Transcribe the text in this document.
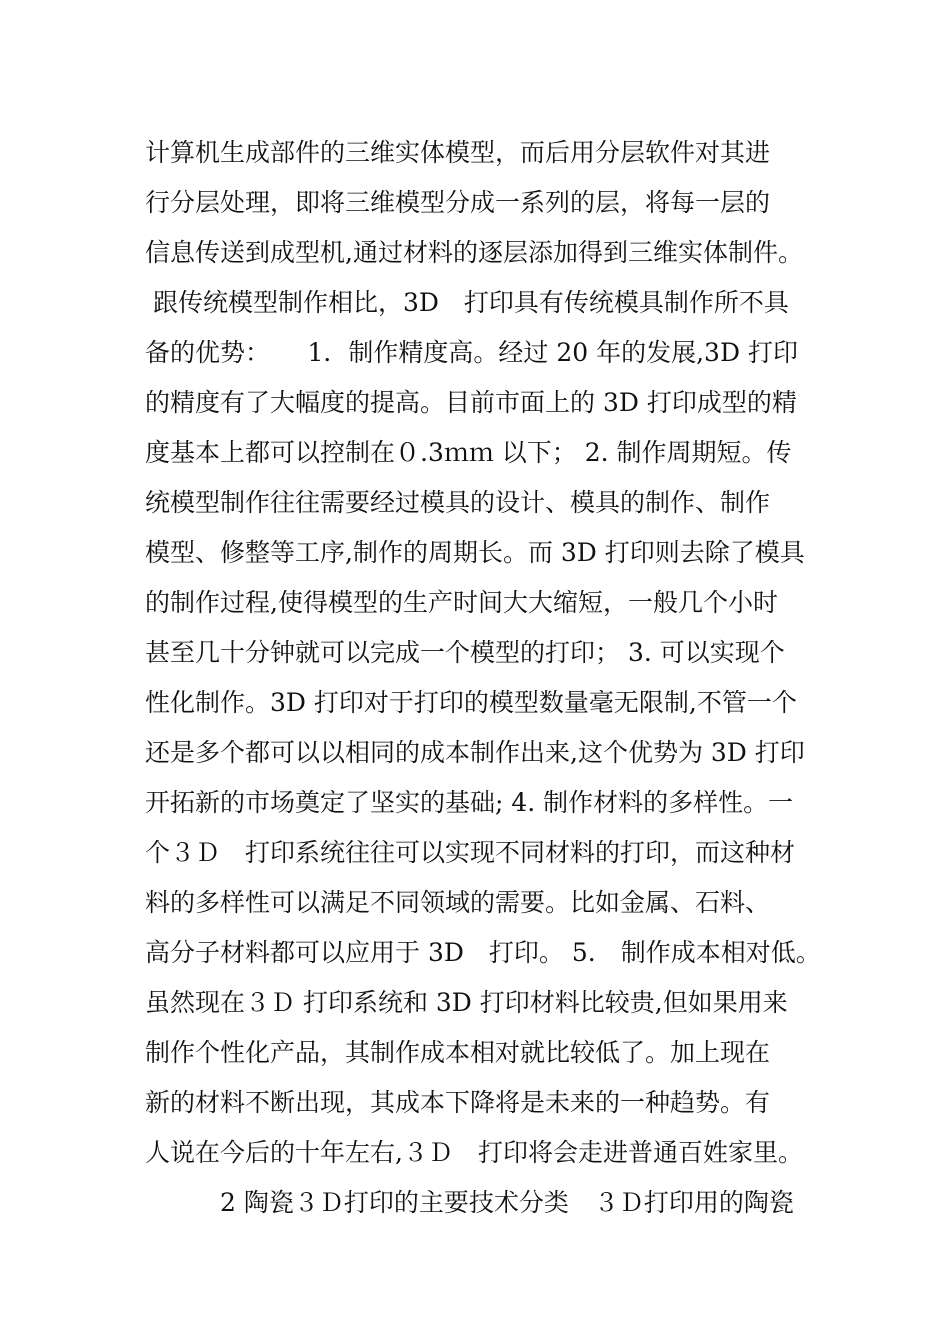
计算机生成部件的三维实体模型，而后用分层软件对其进
行分层处理，即将三维模型分成一系列的层，将每一层的
信息传送到成型机,通过材料的逐层添加得到三维实体制件。
跟传统模型制作相比，3D　打印具有传统模具制作所不具
备的优势：　　1．制作精度高。经过 20 年的发展,3D 打印
的精度有了大幅度的提高。目前市面上的 3D 打印成型的精
度基本上都可以控制在０.3ｍｍ 以下； 2. 制作周期短。传
统模型制作往往需要经过模具的设计、模具的制作、制作
模型、修整等工序,制作的周期长。而 3D 打印则去除了模具
的制作过程,使得模型的生产时间大大缩短，一般几个小时
甚至几十分钟就可以完成一个模型的打印； 3. 可以实现个
性化制作。3D 打印对于打印的模型数量毫无限制,不管一个
还是多个都可以以相同的成本制作出来,这个优势为 3D 打印
开拓新的市场奠定了坚实的基础; 4. 制作材料的多样性。一
个３Ｄ　打印系统往往可以实现不同材料的打印，而这种材
料的多样性可以满足不同领域的需要。比如金属、石料、
高分子材料都可以应用于 3D　打印。 5.　制作成本相对低。
虽然现在３Ｄ 打印系统和 3D 打印材料比较贵,但如果用来
制作个性化产品，其制作成本相对就比较低了。加上现在
新的材料不断出现，其成本下降将是未来的一种趋势。有
人说在今后的十年左右,３Ｄ　打印将会走进普通百姓家里。
　　　2 陶瓷３Ｄ打印的主要技术分类　３Ｄ打印用的陶瓷
